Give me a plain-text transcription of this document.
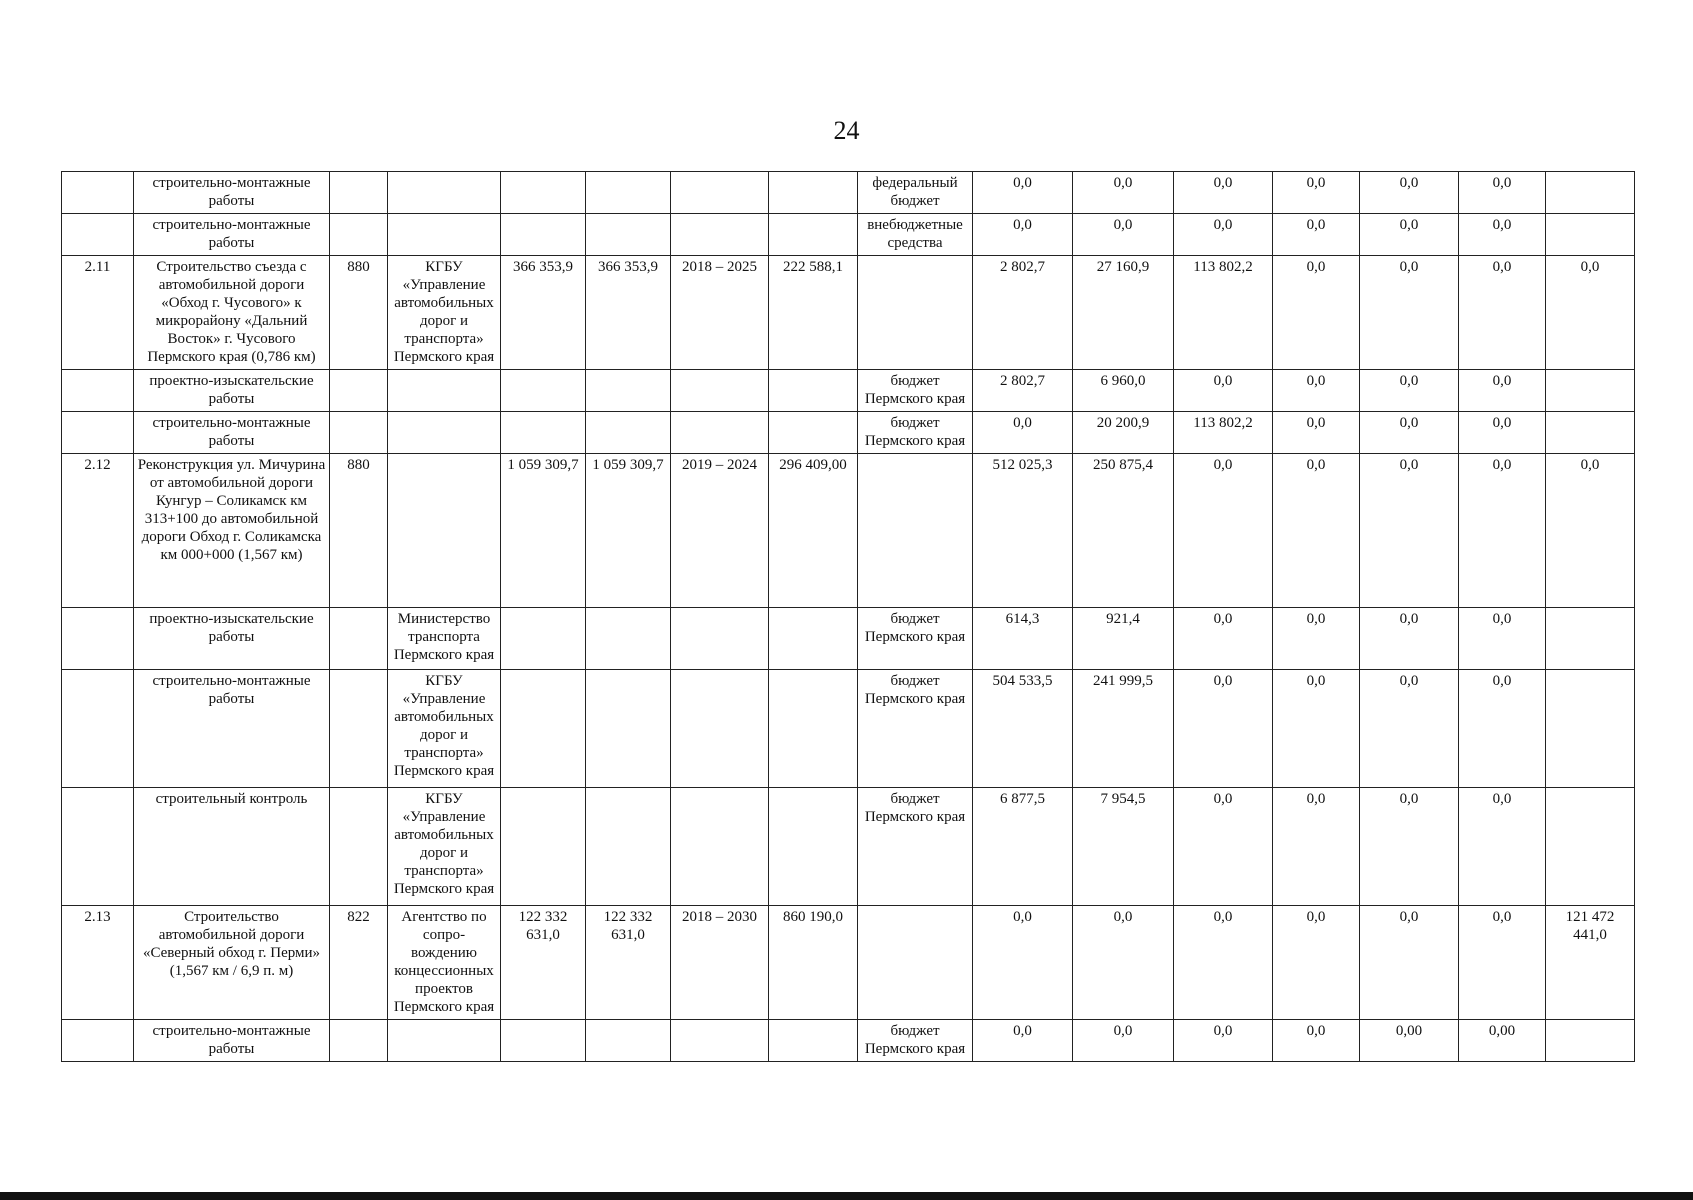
24
	строительно-монтажные работы							федеральный бюджет	0,0	0,0	0,0	0,0	0,0	0,0	
	строительно-монтажные работы							внебюджетные средства	0,0	0,0	0,0	0,0	0,0	0,0	
2.11	Строительство съезда с автомобильной дороги «Обход г. Чусового» к микрорайону «Дальний Восток» г. Чусового Пермского края (0,786 км)	880	КГБУ «Управление автомобильных дорог и транспорта» Пермского края	366 353,9	366 353,9	2018 – 2025	222 588,1		2 802,7	27 160,9	113 802,2	0,0	0,0	0,0	0,0
	проектно-изыскательские работы							бюджет Пермского края	2 802,7	6 960,0	0,0	0,0	0,0	0,0	
	строительно-монтажные работы							бюджет Пермского края	0,0	20 200,9	113 802,2	0,0	0,0	0,0	
2.12	Реконструкция ул. Мичурина от автомобильной дороги Кунгур – Соликамск км 313+100 до автомобильной дороги Обход г. Соликамска км 000+000 (1,567 км)	880		1 059 309,7	1 059 309,7	2019 – 2024	296 409,00		512 025,3	250 875,4	0,0	0,0	0,0	0,0	0,0
	проектно-изыскательские работы		Министерство транспорта Пермского края					бюджет Пермского края	614,3	921,4	0,0	0,0	0,0	0,0	
	строительно-монтажные работы		КГБУ «Управление автомобильных дорог и транспорта» Пермского края					бюджет Пермского края	504 533,5	241 999,5	0,0	0,0	0,0	0,0	
	строительный контроль		КГБУ «Управление автомобильных дорог и транспорта» Пермского края					бюджет Пермского края	6 877,5	7 954,5	0,0	0,0	0,0	0,0	
2.13	Строительство автомобильной дороги «Северный обход г. Перми» (1,567 км / 6,9 п. м)	822	Агентство по сопро-вождению концессионных проектов Пермского края	122 332 631,0	122 332 631,0	2018 – 2030	860 190,0		0,0	0,0	0,0	0,0	0,0	0,0	121 472 441,0
	строительно-монтажные работы							бюджет Пермского края	0,0	0,0	0,0	0,0	0,00	0,00	
